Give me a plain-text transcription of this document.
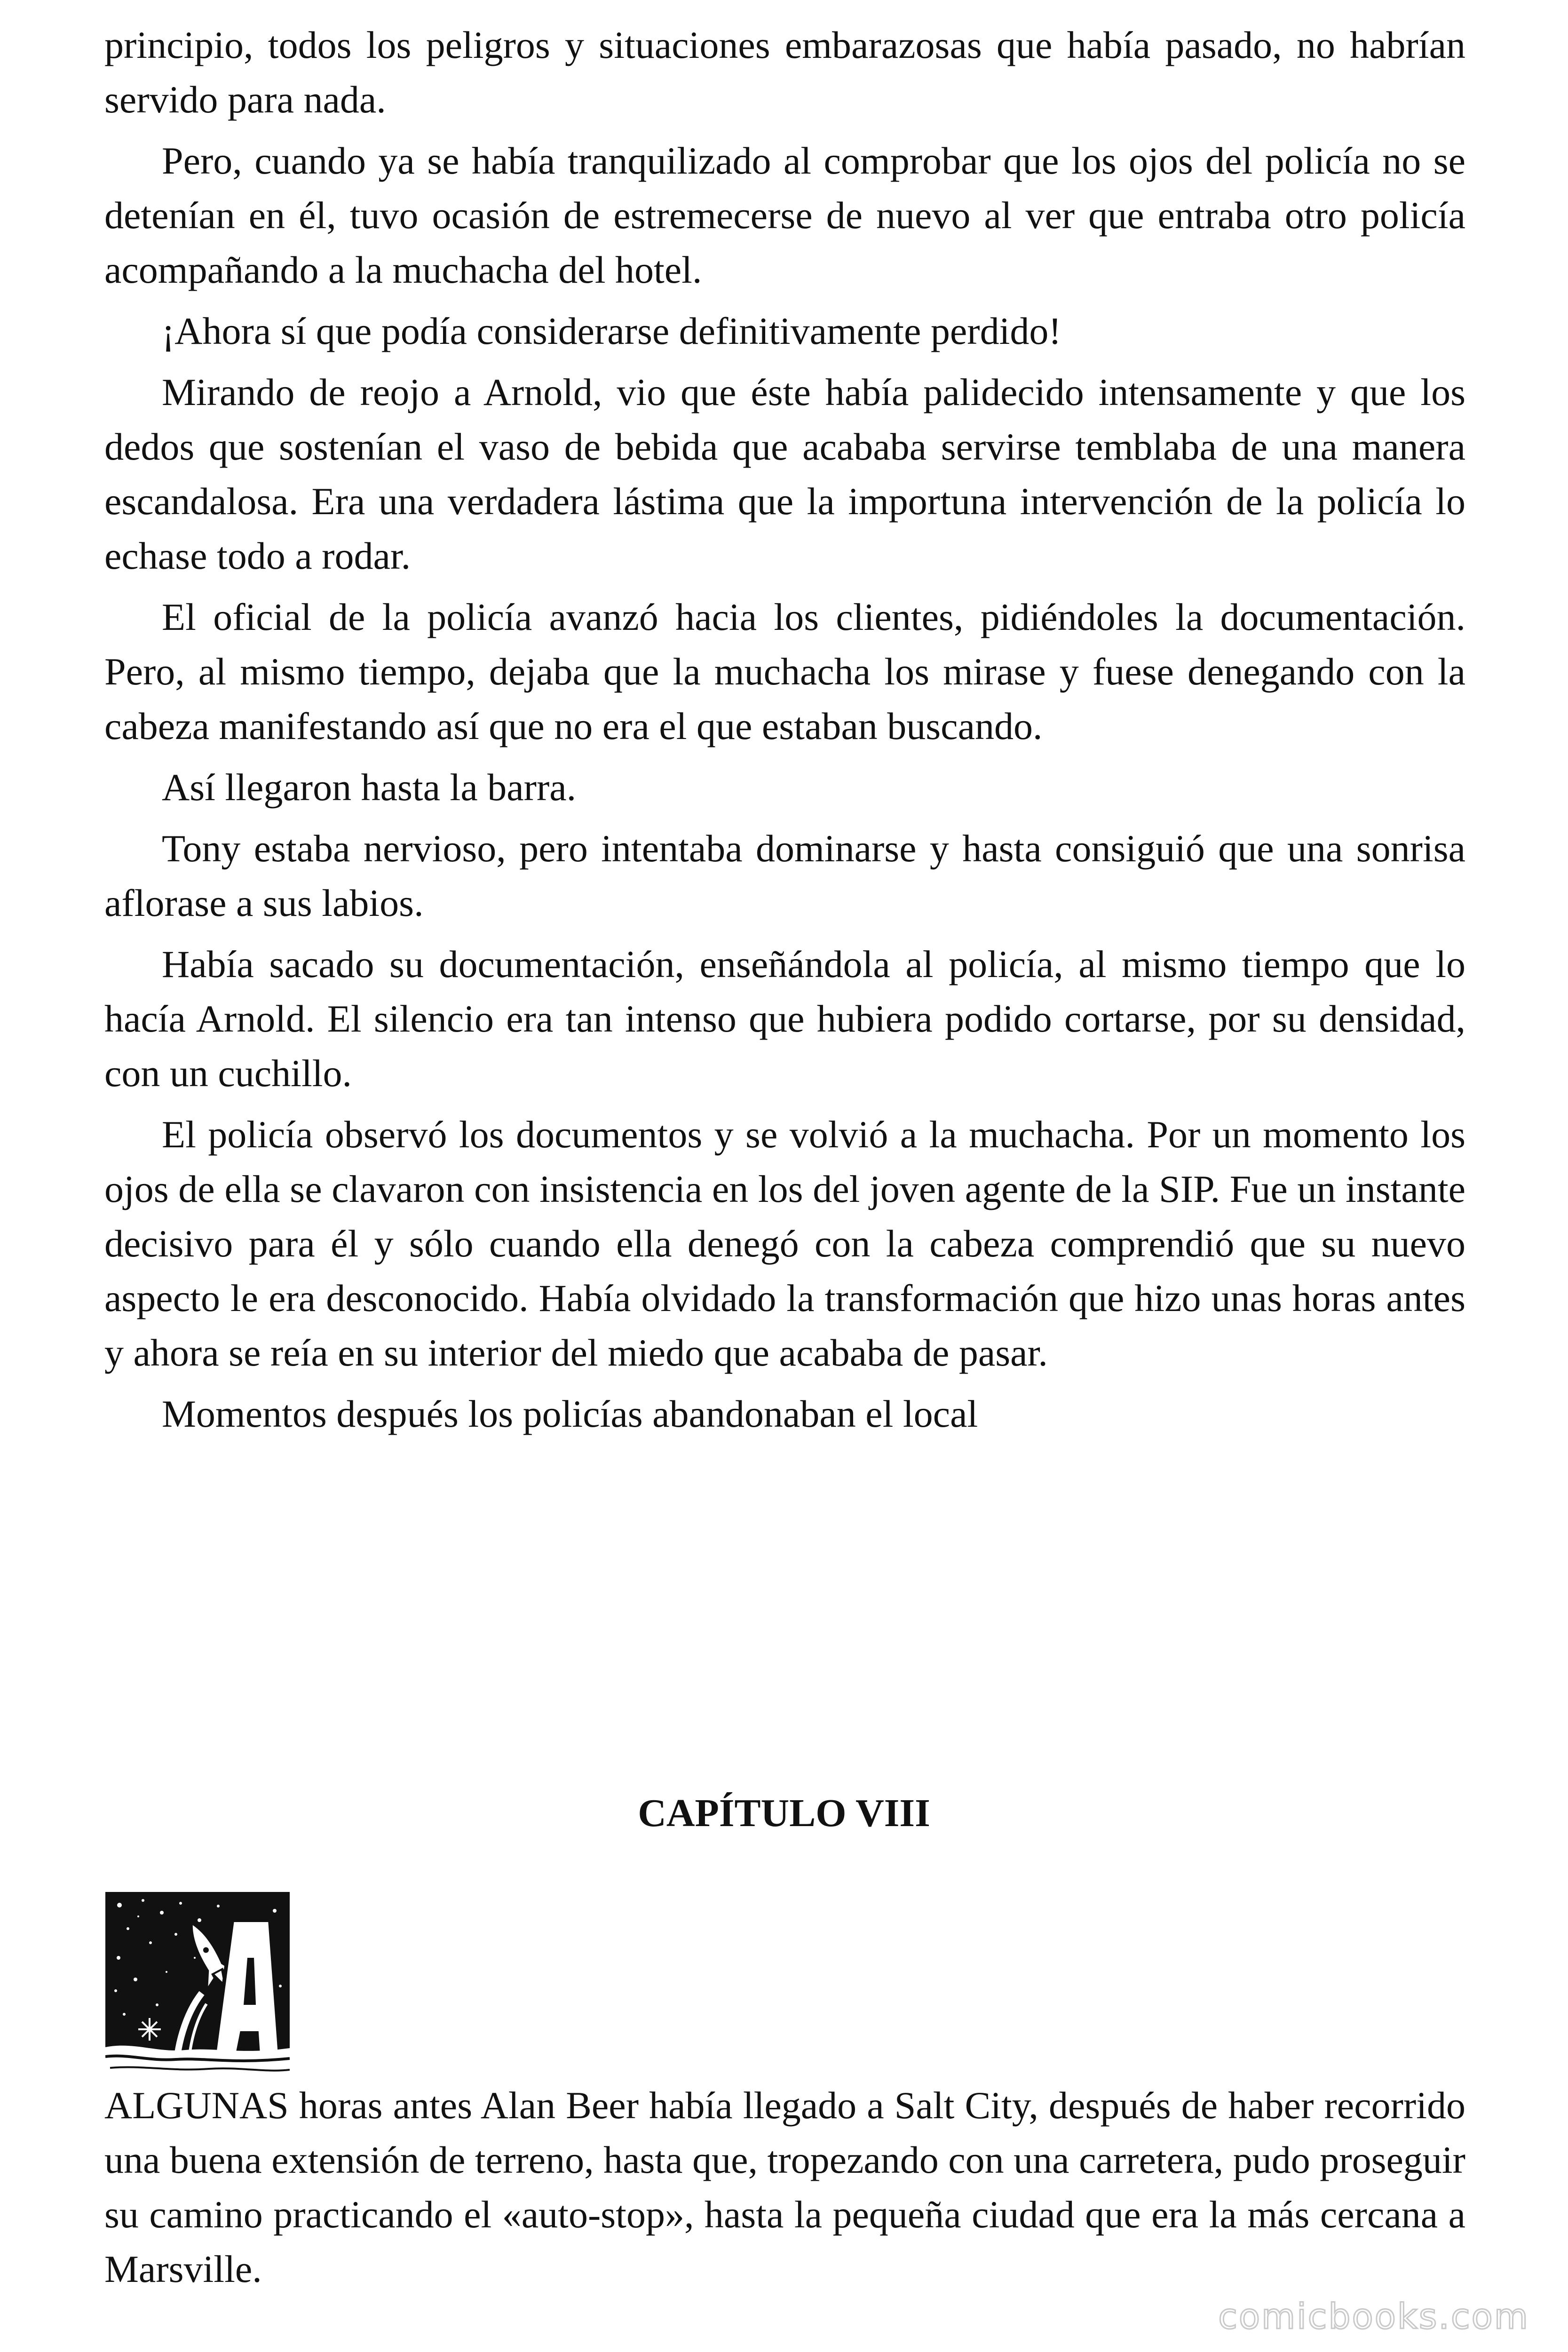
principio, todos los peligros y situaciones embarazosas que había pasado, no habrían servido para nada.

Pero, cuando ya se había tranquilizado al comprobar que los ojos del policía no se detenían en él, tuvo ocasión de estremecerse de nuevo al ver que entraba otro policía acompañando a la muchacha del hotel.

¡Ahora sí que podía considerarse definitivamente perdido!

Mirando de reojo a Arnold, vio que éste había palidecido intensamente y que los dedos que sostenían el vaso de bebida que acababa servirse temblaba de una manera escandalosa. Era una verdadera lástima que la importuna intervención de la policía lo echase todo a rodar.

El oficial de la policía avanzó hacia los clientes, pidiéndoles la documentación. Pero, al mismo tiempo, dejaba que la muchacha los mirase y fuese denegando con la cabeza manifestando así que no era el que estaban buscando.

Así llegaron hasta la barra.

Tony estaba nervioso, pero intentaba dominarse y hasta consiguió que una sonrisa aflorase a sus labios.

Había sacado su documentación, enseñándola al policía, al mismo tiempo que lo hacía Arnold. El silencio era tan intenso que hubiera podido cortarse, por su densidad, con un cuchillo.

El policía observó los documentos y se volvió a la muchacha. Por un momento los ojos de ella se clavaron con insistencia en los del joven agente de la SIP. Fue un instante decisivo para él y sólo cuando ella denegó con la cabeza comprendió que su nuevo aspecto le era desconocido. Había olvidado la transformación que hizo unas horas antes y ahora se reía en su interior del miedo que acababa de pasar.

Momentos después los policías abandonaban el local

CAPÍTULO VIII

ALGUNAS horas antes Alan Beer había llegado a Salt City, después de haber recorrido una buena extensión de terreno, hasta que, tropezando con una carretera, pudo proseguir su camino practicando el «auto-stop», hasta la pequeña ciudad que era la más cercana a Marsville.

comicbooks.com
